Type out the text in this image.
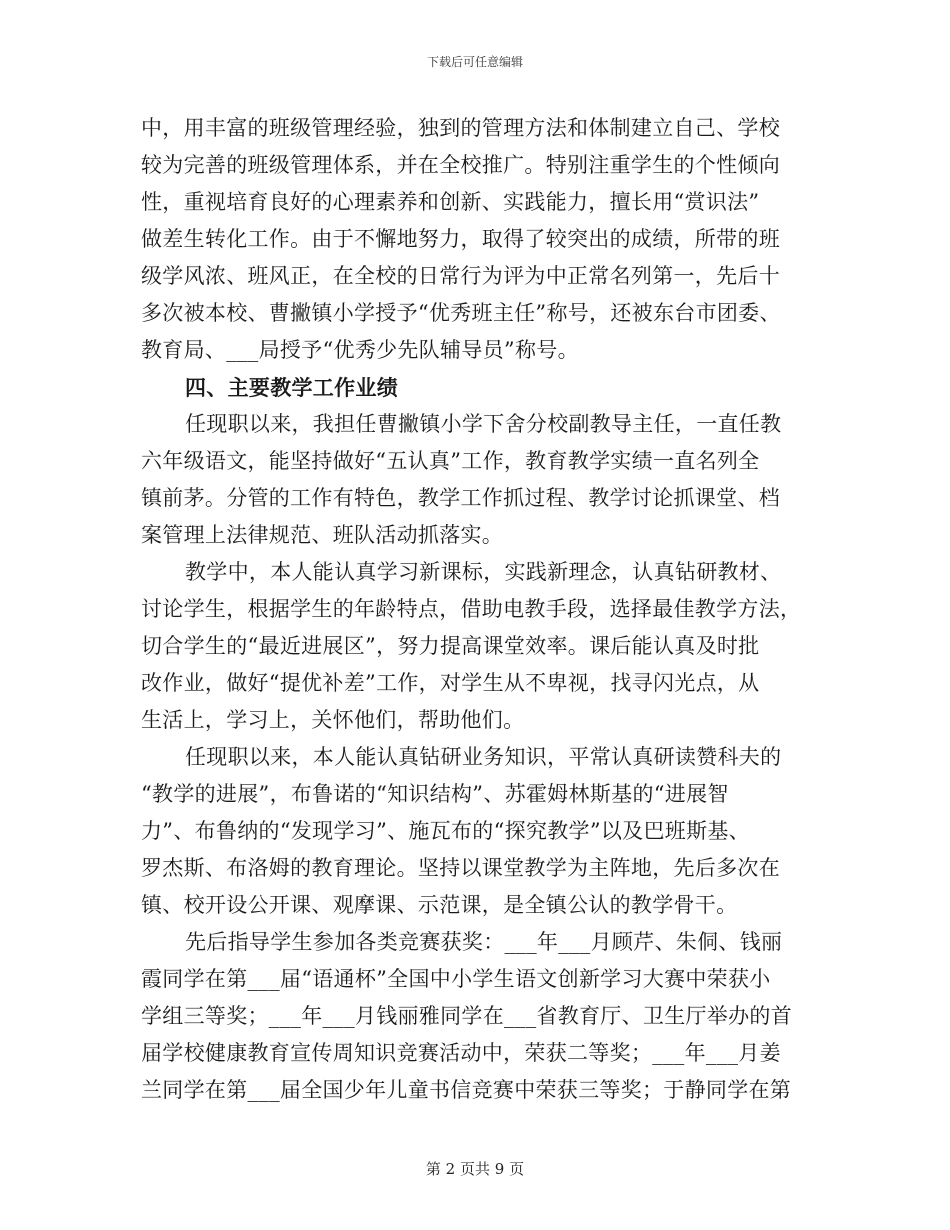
下载后可任意编辑
中，用丰富的班级管理经验，独到的管理方法和体制建立自己、学校
较为完善的班级管理体系，并在全校推广。特别注重学生的个性倾向
性，重视培育良好的心理素养和创新、实践能力，擅长用“赏识法”
做差生转化工作。由于不懈地努力，取得了较突出的成绩，所带的班
级学风浓、班风正，在全校的日常行为评为中正常名列第一，先后十
多次被本校、曹撇镇小学授予“优秀班主任”称号，还被东台市团委、
教育局、___局授予“优秀少先队辅导员”称号。
四、主要教学工作业绩
任现职以来，我担任曹撇镇小学下舍分校副教导主任，一直任教
六年级语文，能坚持做好“五认真”工作，教育教学实绩一直名列全
镇前茅。分管的工作有特色，教学工作抓过程、教学讨论抓课堂、档
案管理上法律规范、班队活动抓落实。
教学中，本人能认真学习新课标，实践新理念，认真钻研教材、
讨论学生，根据学生的年龄特点，借助电教手段，选择最佳教学方法，
切合学生的“最近进展区”，努力提高课堂效率。课后能认真及时批
改作业，做好“提优补差”工作，对学生从不卑视，找寻闪光点，从
生活上，学习上，关怀他们，帮助他们。
任现职以来，本人能认真钻研业务知识，平常认真研读赞科夫的
“教学的进展”，布鲁诺的“知识结构”、苏霍姆林斯基的“进展智
力”、布鲁纳的“发现学习”、施瓦布的“探究教学”以及巴班斯基、
罗杰斯、布洛姆的教育理论。坚持以课堂教学为主阵地，先后多次在
镇、校开设公开课、观摩课、示范课，是全镇公认的教学骨干。
先后指导学生参加各类竞赛获奖：___年___月顾芹、朱侗、钱丽
霞同学在第___届“语通杯”全国中小学生语文创新学习大赛中荣获小
学组三等奖；___年___月钱丽雅同学在___省教育厅、卫生厅举办的首
届学校健康教育宣传周知识竞赛活动中，荣获二等奖；___年___月姜
兰同学在第___届全国少年儿童书信竞赛中荣获三等奖；于静同学在第
第 2 页共 9 页
